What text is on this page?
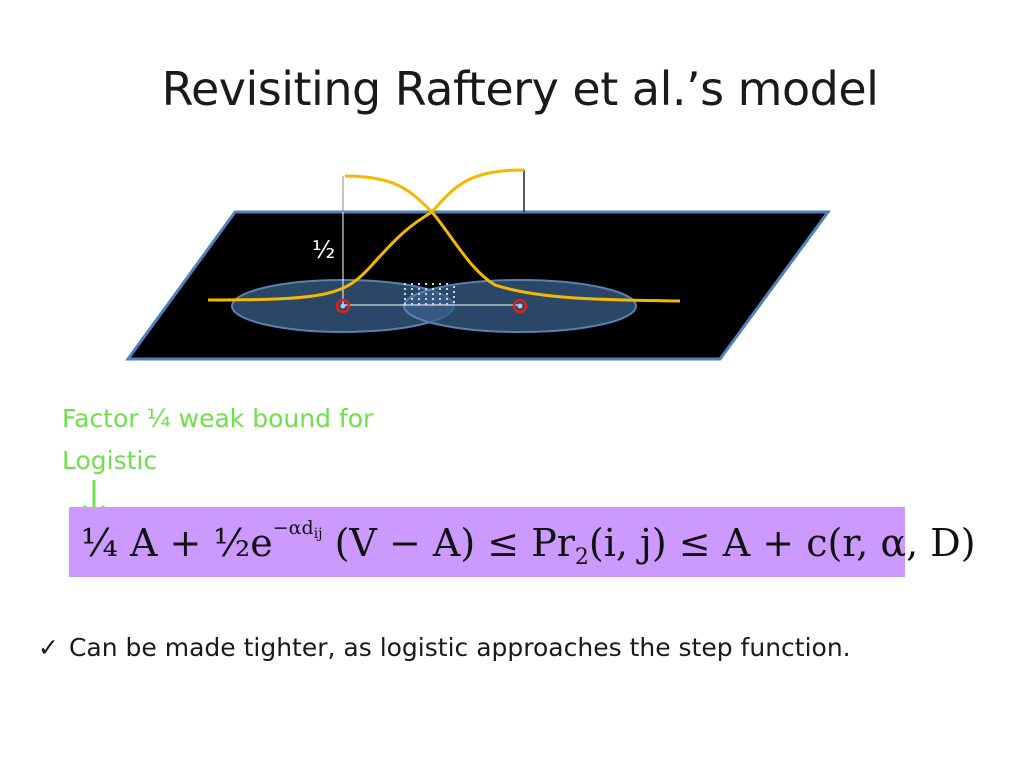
Revisiting Raftery et al.’s model
½
Factor ¼ weak bound for Logistic
¼ $A + \frac{1}{2}e^{-\alpha d_{ij}}$ $(V - A) \le Pr_2(i$, j) ≤ A + c(r, α, D)
✓ Can be made tighter, as logistic approaches the step function.
